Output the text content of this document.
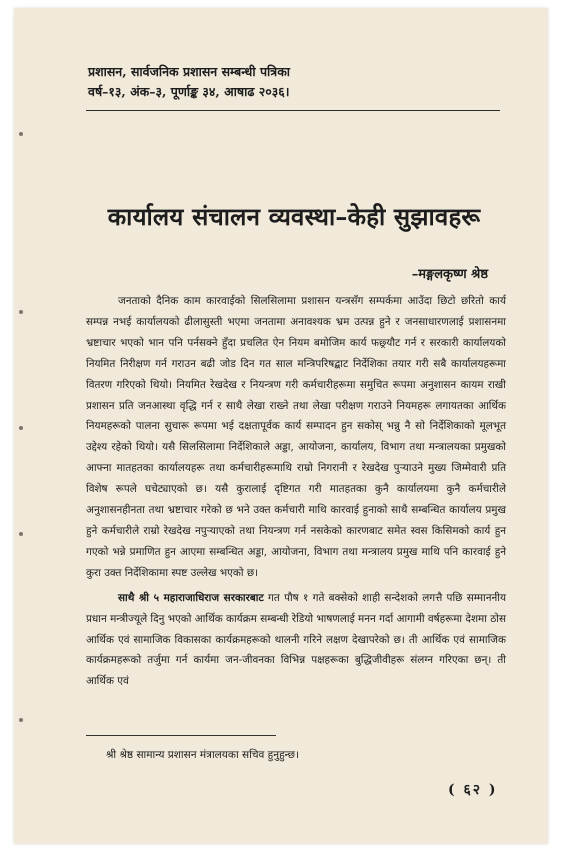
प्रशासन, सार्वजनिक प्रशासन सम्बन्धी पत्रिका
वर्ष–१३, अंक–३, पूर्णाङ्क ३४, आषाढ २०३६।
कार्यालय संचालन व्यवस्था–केही सुझावहरू
–मङ्गलकृष्ण श्रेष्ठ

जनताको दैनिक काम कारवाईको सिलसिलामा प्रशासन यन्त्रसँग सम्पर्कमा आउँदा छिटो छरितो कार्य सम्पन्न नभई कार्यालयको ढीलासुस्ती भएमा जनतामा अनावश्यक भ्रम उत्पन्न हुने र जनसाधारणलाई प्रशासनमा भ्रष्टाचार भएको भान पनि पर्नसक्ने हुँदा प्रचलित ऐन नियम बमोजिम कार्य फछ्र्यौट गर्न र सरकारी कार्यालयको नियमित निरीक्षण गर्न गराउन बढी जोड दिन गत साल मन्त्रिपरिषद्बाट निर्देशिका तयार गरी सबै कार्यालयहरूमा वितरण गरिएको थियो। नियमित रेखदेख र नियन्त्रण गरी कर्मचारीहरूमा समुचित रूपमा अनुशासन कायम राखी प्रशासन प्रति जनआस्था वृद्धि गर्न र साथै लेखा राख्ने तथा लेखा परीक्षण गराउने नियमहरू लगायतका आर्थिक नियमहरूको पालना सुचारू रूपमा भई दक्षतापूर्वक कार्य सम्पादन हुन सकोस् भन्नु नै सो निर्देशिकाको मूलभूत उद्देश्य रहेको थियो। यसै सिलसिलामा निर्देशिकाले अड्डा, आयोजना, कार्यालय, विभाग तथा मन्त्रालयका प्रमुखको आफ्ना मातहतका कार्यालयहरू तथा कर्मचारीहरूमाथि राम्रो निगरानी र रेखदेख पुऱ्याउने मुख्य जिम्मेवारी प्रति विशेष रूपले घचेट्याएको छ। यसै कुरालाई दृष्टिगत गरी मातहतका कुनै कार्यालयमा कुनै कर्मचारीले अनुशासनहीनता तथा भ्रष्टाचार गरेको छ भने उक्त कर्मचारी माथि कारवाई हुनाको साथै सम्बन्धित कार्यालय प्रमुख हुने कर्मचारीले राम्रो रेखदेख नपुऱ्याएको तथा नियन्त्रण गर्न नसकेको कारणबाट समेत स्वस किसिमको कार्य हुन गएको भन्ने प्रमाणित हुन आएमा सम्बन्धित अड्डा, आयोजना, विभाग तथा मन्त्रालय प्रमुख माथि पनि कारवाई हुने कुरा उक्त निर्देशिकामा स्पष्ट उल्लेख भएको छ।

साथै श्री ५ महाराजाधिराज सरकारबाट गत पौष १ गते बक्सेको शाही सन्देशको लगत्तै पछि सम्माननीय प्रधान मन्त्रीज्यूले दिनु भएको आर्थिक कार्यक्रम सम्बन्धी रेडियो भाषणलाई मनन गर्दा आगामी वर्षहरूमा देशमा ठोस आर्थिक एवं सामाजिक विकासका कार्यक्रमहरूको थालनी गरिने लक्षण देखापरेको छ। ती आर्थिक एवं सामाजिक कार्यक्रमहरूको तर्जुमा गर्न कार्यमा जन-जीवनका विभिन्न पक्षहरूका बुद्धिजीवीहरू संलग्न गरिएका छन्। ती आर्थिक एवं

श्री श्रेष्ठ सामान्य प्रशासन मंत्रालयका सचिव हुनुहुन्छ।
( ६२ )
